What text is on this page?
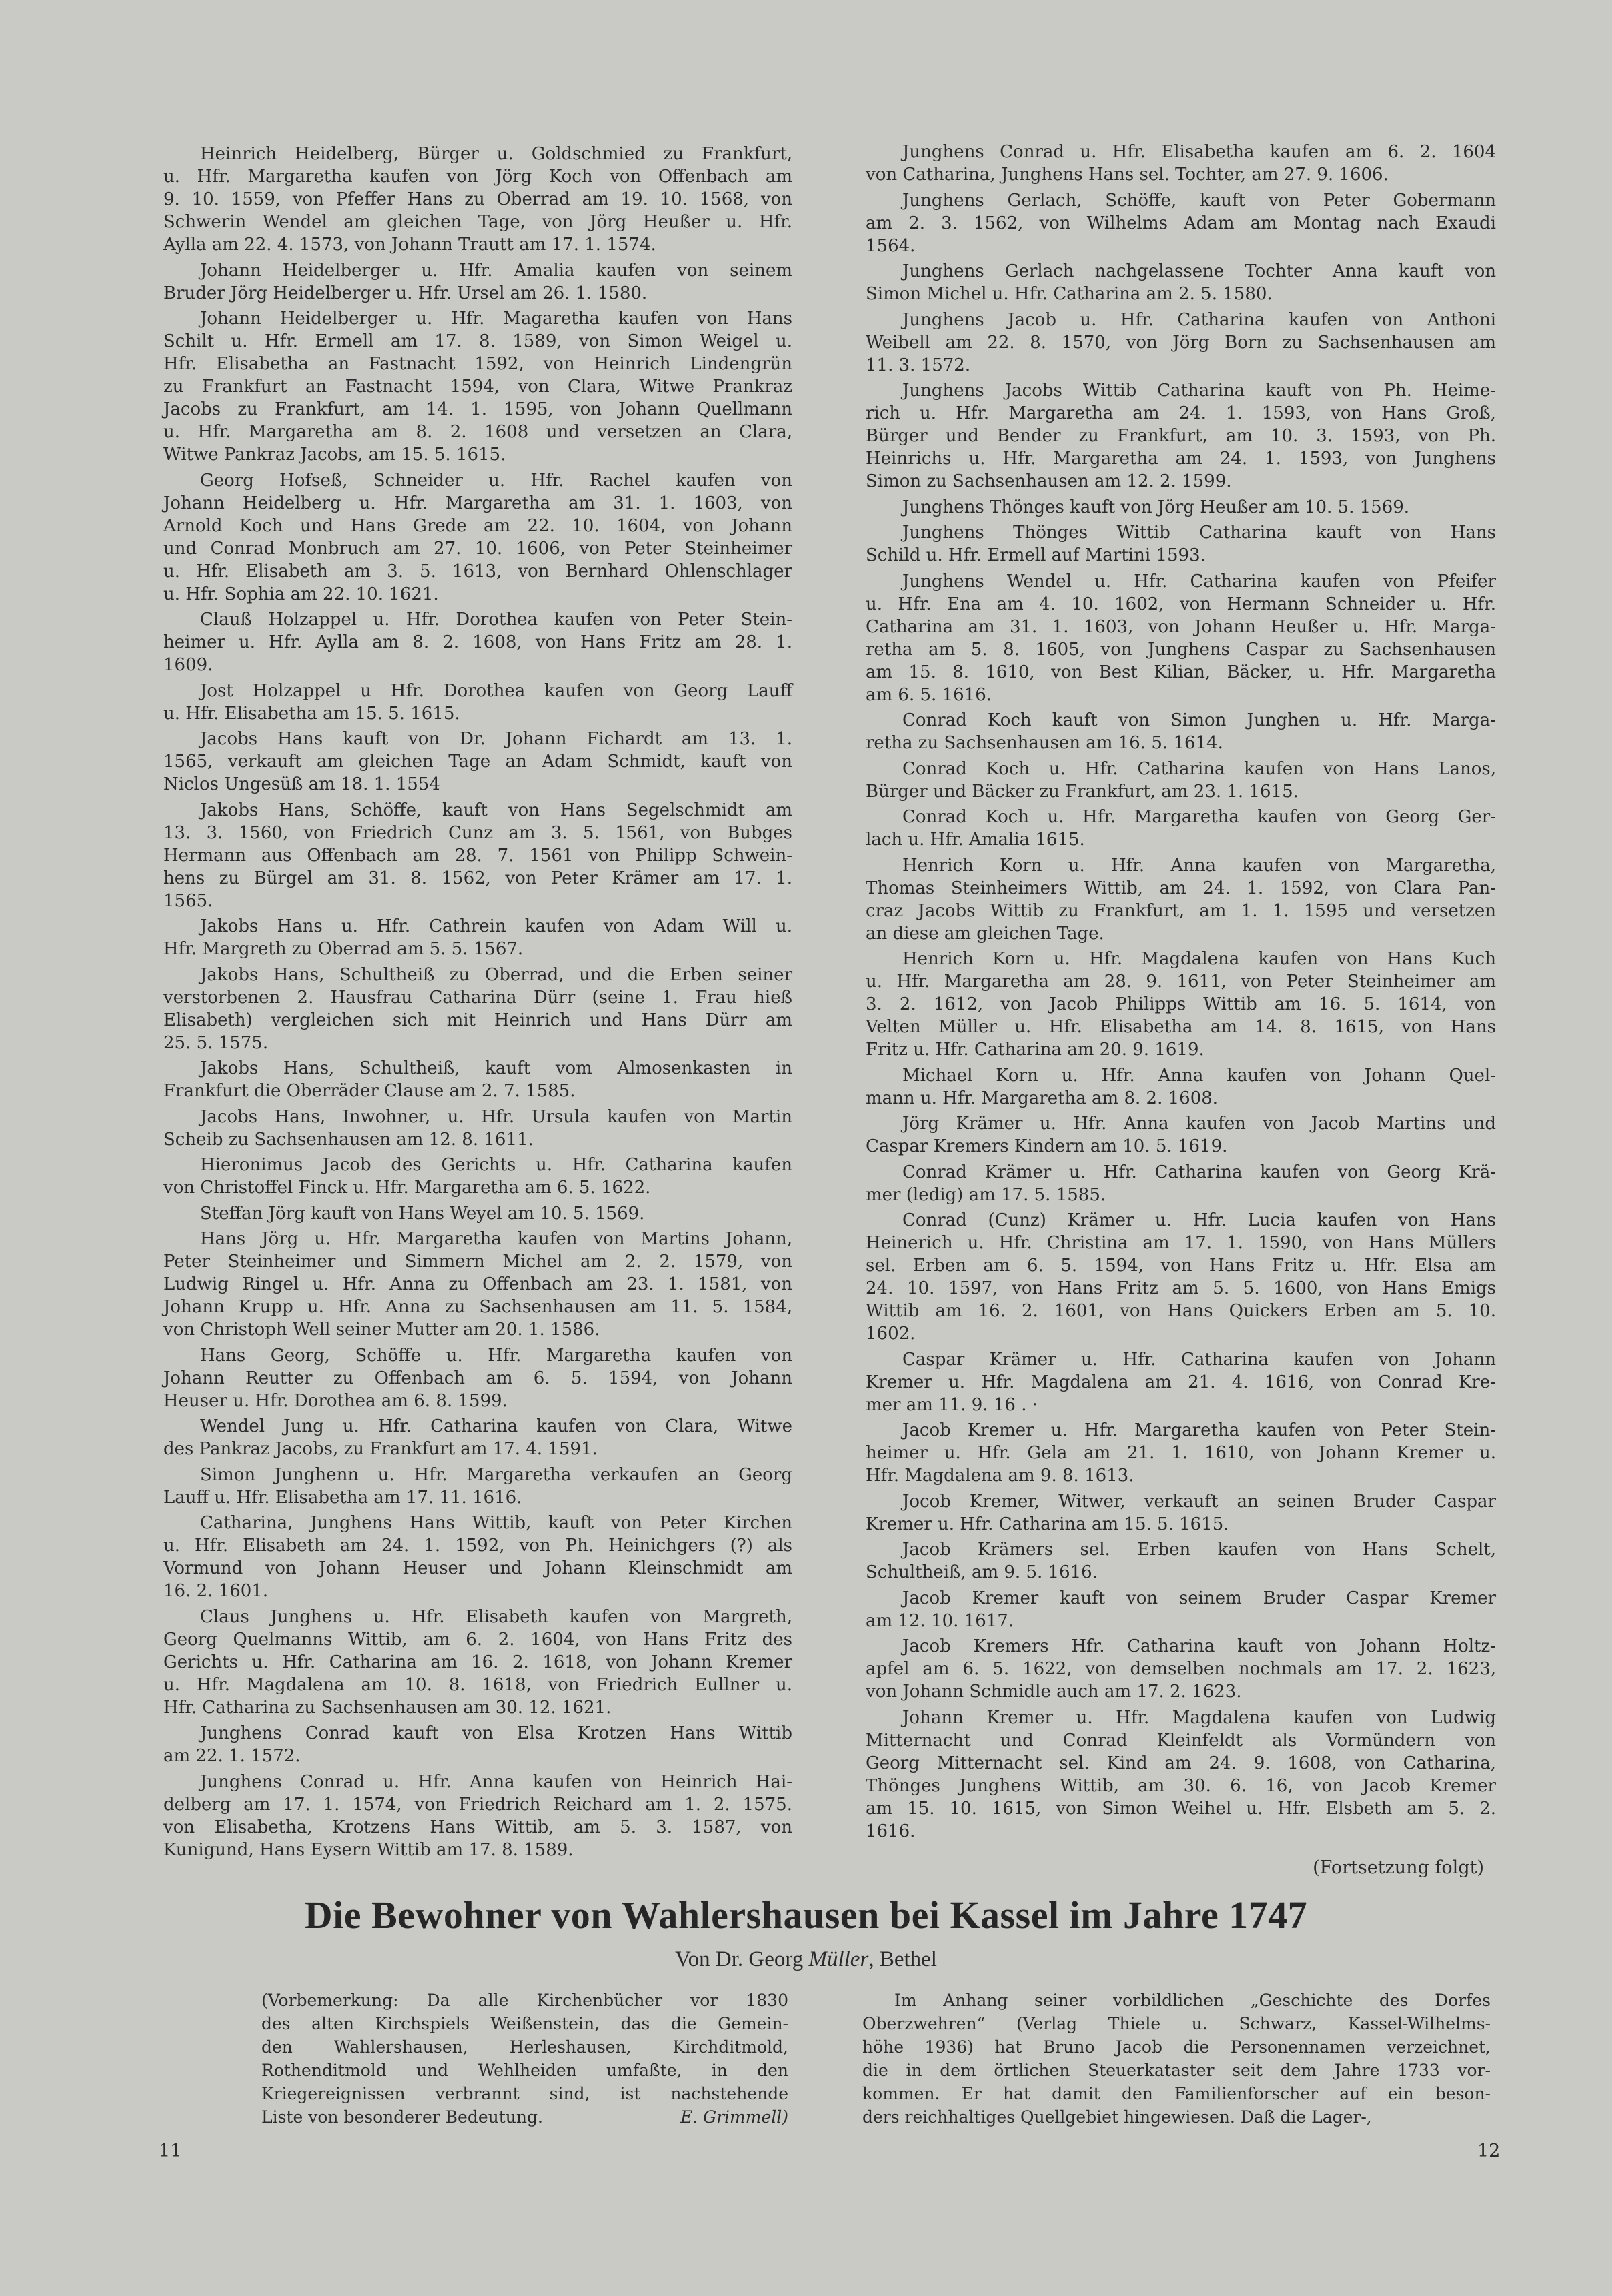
Heinrich Heidelberg, Bürger u. Goldschmied zu Frankfurt,
u. Hfr. Margaretha kaufen von Jörg Koch von Offenbach am
9. 10. 1559, von Pfeffer Hans zu Oberrad am 19. 10. 1568, von
Schwerin Wendel am gleichen Tage, von Jörg Heußer u. Hfr.
Aylla am 22. 4. 1573, von Johann Trautt am 17. 1. 1574.
Johann Heidelberger u. Hfr. Amalia kaufen von seinem
Bruder Jörg Heidelberger u. Hfr. Ursel am 26. 1. 1580.
Johann Heidelberger u. Hfr. Magaretha kaufen von Hans
Schilt u. Hfr. Ermell am 17. 8. 1589, von Simon Weigel u.
Hfr. Elisabetha an Fastnacht 1592, von Heinrich Lindengrün
zu Frankfurt an Fastnacht 1594, von Clara, Witwe Prankraz
Jacobs zu Frankfurt, am 14. 1. 1595, von Johann Quellmann
u. Hfr. Margaretha am 8. 2. 1608 und versetzen an Clara,
Witwe Pankraz Jacobs, am 15. 5. 1615.
Georg Hofseß, Schneider u. Hfr. Rachel kaufen von
Johann Heidelberg u. Hfr. Margaretha am 31. 1. 1603, von
Arnold Koch und Hans Grede am 22. 10. 1604, von Johann
und Conrad Monbruch am 27. 10. 1606, von Peter Steinheimer
u. Hfr. Elisabeth am 3. 5. 1613, von Bernhard Ohlenschlager
u. Hfr. Sophia am 22. 10. 1621.
Clauß Holzappel u. Hfr. Dorothea kaufen von Peter Stein-
heimer u. Hfr. Aylla am 8. 2. 1608, von Hans Fritz am 28. 1.
1609.
Jost Holzappel u Hfr. Dorothea kaufen von Georg Lauff
u. Hfr. Elisabetha am 15. 5. 1615.
Jacobs Hans kauft von Dr. Johann Fichardt am 13. 1.
1565, verkauft am gleichen Tage an Adam Schmidt, kauft von
Niclos Ungesüß am 18. 1. 1554
Jakobs Hans, Schöffe, kauft von Hans Segelschmidt am
13. 3. 1560, von Friedrich Cunz am 3. 5. 1561, von Bubges
Hermann aus Offenbach am 28. 7. 1561 von Philipp Schwein-
hens zu Bürgel am 31. 8. 1562, von Peter Krämer am 17. 1.
1565.
Jakobs Hans u. Hfr. Cathrein kaufen von Adam Will u.
Hfr. Margreth zu Oberrad am 5. 5. 1567.
Jakobs Hans, Schultheiß zu Oberrad, und die Erben seiner
verstorbenen 2. Hausfrau Catharina Dürr (seine 1. Frau hieß
Elisabeth) vergleichen sich mit Heinrich und Hans Dürr am
25. 5. 1575.
Jakobs Hans, Schultheiß, kauft vom Almosenkasten in
Frankfurt die Oberräder Clause am 2. 7. 1585.
Jacobs Hans, Inwohner, u. Hfr. Ursula kaufen von Martin
Scheib zu Sachsenhausen am 12. 8. 1611.
Hieronimus Jacob des Gerichts u. Hfr. Catharina kaufen
von Christoffel Finck u. Hfr. Margaretha am 6. 5. 1622.
Steffan Jörg kauft von Hans Weyel am 10. 5. 1569.
Hans Jörg u. Hfr. Margaretha kaufen von Martins Johann,
Peter Steinheimer und Simmern Michel am 2. 2. 1579, von
Ludwig Ringel u. Hfr. Anna zu Offenbach am 23. 1. 1581, von
Johann Krupp u. Hfr. Anna zu Sachsenhausen am 11. 5. 1584,
von Christoph Well seiner Mutter am 20. 1. 1586.
Hans Georg, Schöffe u. Hfr. Margaretha kaufen von
Johann Reutter zu Offenbach am 6. 5. 1594, von Johann
Heuser u. Hfr. Dorothea am 6. 8. 1599.
Wendel Jung u. Hfr. Catharina kaufen von Clara, Witwe
des Pankraz Jacobs, zu Frankfurt am 17. 4. 1591.
Simon Junghenn u. Hfr. Margaretha verkaufen an Georg
Lauff u. Hfr. Elisabetha am 17. 11. 1616.
Catharina, Junghens Hans Wittib, kauft von Peter Kirchen
u. Hfr. Elisabeth am 24. 1. 1592, von Ph. Heinichgers (?) als
Vormund von Johann Heuser und Johann Kleinschmidt am
16. 2. 1601.
Claus Junghens u. Hfr. Elisabeth kaufen von Margreth,
Georg Quelmanns Wittib, am 6. 2. 1604, von Hans Fritz des
Gerichts u. Hfr. Catharina am 16. 2. 1618, von Johann Kremer
u. Hfr. Magdalena am 10. 8. 1618, von Friedrich Eullner u.
Hfr. Catharina zu Sachsenhausen am 30. 12. 1621.
Junghens Conrad kauft von Elsa Krotzen Hans Wittib
am 22. 1. 1572.
Junghens Conrad u. Hfr. Anna kaufen von Heinrich Hai-
delberg am 17. 1. 1574, von Friedrich Reichard am 1. 2. 1575.
von Elisabetha, Krotzens Hans Wittib, am 5. 3. 1587, von
Kunigund, Hans Eysern Wittib am 17. 8. 1589.
Junghens Conrad u. Hfr. Elisabetha kaufen am 6. 2. 1604
von Catharina, Junghens Hans sel. Tochter, am 27. 9. 1606.
Junghens Gerlach, Schöffe, kauft von Peter Gobermann
am 2. 3. 1562, von Wilhelms Adam am Montag nach Exaudi
1564.
Junghens Gerlach nachgelassene Tochter Anna kauft von
Simon Michel u. Hfr. Catharina am 2. 5. 1580.
Junghens Jacob u. Hfr. Catharina kaufen von Anthoni
Weibell am 22. 8. 1570, von Jörg Born zu Sachsenhausen am
11. 3. 1572.
Junghens Jacobs Wittib Catharina kauft von Ph. Heime-
rich u. Hfr. Margaretha am 24. 1. 1593, von Hans Groß,
Bürger und Bender zu Frankfurt, am 10. 3. 1593, von Ph.
Heinrichs u. Hfr. Margaretha am 24. 1. 1593, von Junghens
Simon zu Sachsenhausen am 12. 2. 1599.
Junghens Thönges kauft von Jörg Heußer am 10. 5. 1569.
Junghens Thönges Wittib Catharina kauft von Hans
Schild u. Hfr. Ermell auf Martini 1593.
Junghens Wendel u. Hfr. Catharina kaufen von Pfeifer
u. Hfr. Ena am 4. 10. 1602, von Hermann Schneider u. Hfr.
Catharina am 31. 1. 1603, von Johann Heußer u. Hfr. Marga-
retha am 5. 8. 1605, von Junghens Caspar zu Sachsenhausen
am 15. 8. 1610, von Best Kilian, Bäcker, u. Hfr. Margaretha
am 6. 5. 1616.
Conrad Koch kauft von Simon Junghen u. Hfr. Marga-
retha zu Sachsenhausen am 16. 5. 1614.
Conrad Koch u. Hfr. Catharina kaufen von Hans Lanos,
Bürger und Bäcker zu Frankfurt, am 23. 1. 1615.
Conrad Koch u. Hfr. Margaretha kaufen von Georg Ger-
lach u. Hfr. Amalia 1615.
Henrich Korn u. Hfr. Anna kaufen von Margaretha,
Thomas Steinheimers Wittib, am 24. 1. 1592, von Clara Pan-
craz Jacobs Wittib zu Frankfurt, am 1. 1. 1595 und versetzen
an diese am gleichen Tage.
Henrich Korn u. Hfr. Magdalena kaufen von Hans Kuch
u. Hfr. Margaretha am 28. 9. 1611, von Peter Steinheimer am
3. 2. 1612, von Jacob Philipps Wittib am 16. 5. 1614, von
Velten Müller u. Hfr. Elisabetha am 14. 8. 1615, von Hans
Fritz u. Hfr. Catharina am 20. 9. 1619.
Michael Korn u. Hfr. Anna kaufen von Johann Quel-
mann u. Hfr. Margaretha am 8. 2. 1608.
Jörg Krämer u. Hfr. Anna kaufen von Jacob Martins und
Caspar Kremers Kindern am 10. 5. 1619.
Conrad Krämer u. Hfr. Catharina kaufen von Georg Krä-
mer (ledig) am 17. 5. 1585.
Conrad (Cunz) Krämer u. Hfr. Lucia kaufen von Hans
Heinerich u. Hfr. Christina am 17. 1. 1590, von Hans Müllers
sel. Erben am 6. 5. 1594, von Hans Fritz u. Hfr. Elsa am
24. 10. 1597, von Hans Fritz am 5. 5. 1600, von Hans Emigs
Wittib am 16. 2. 1601, von Hans Quickers Erben am 5. 10.
1602.
Caspar Krämer u. Hfr. Catharina kaufen von Johann
Kremer u. Hfr. Magdalena am 21. 4. 1616, von Conrad Kre-
mer am 11. 9. 16 . ·
Jacob Kremer u. Hfr. Margaretha kaufen von Peter Stein-
heimer u. Hfr. Gela am 21. 1. 1610, von Johann Kremer u.
Hfr. Magdalena am 9. 8. 1613.
Jocob Kremer, Witwer, verkauft an seinen Bruder Caspar
Kremer u. Hfr. Catharina am 15. 5. 1615.
Jacob Krämers sel. Erben kaufen von Hans Schelt,
Schultheiß, am 9. 5. 1616.
Jacob Kremer kauft von seinem Bruder Caspar Kremer
am 12. 10. 1617.
Jacob Kremers Hfr. Catharina kauft von Johann Holtz-
apfel am 6. 5. 1622, von demselben nochmals am 17. 2. 1623,
von Johann Schmidle auch am 17. 2. 1623.
Johann Kremer u. Hfr. Magdalena kaufen von Ludwig
Mitternacht und Conrad Kleinfeldt als Vormündern von
Georg Mitternacht sel. Kind am 24. 9. 1608, von Catharina,
Thönges Junghens Wittib, am 30. 6. 16, von Jacob Kremer
am 15. 10. 1615, von Simon Weihel u. Hfr. Elsbeth am 5. 2.
1616.
(Fortsetzung folgt)
Die Bewohner von Wahlershausen bei Kassel im Jahre 1747
Von Dr. Georg Müller, Bethel
(Vorbemerkung: Da alle Kirchenbücher vor 1830
des alten Kirchspiels Weißenstein, das die Gemein-
den Wahlershausen, Herleshausen, Kirchditmold,
Rothenditmold und Wehlheiden umfaßte, in den
Kriegereignissen verbrannt sind, ist nachstehende
Liste von besonderer Bedeutung.	E. Grimmell)
Im Anhang seiner vorbildlichen „Geschichte des Dorfes
Oberzwehren“ (Verlag Thiele u. Schwarz, Kassel-Wilhelms-
höhe 1936) hat Bruno Jacob die Personennamen verzeichnet,
die in dem örtlichen Steuerkataster seit dem Jahre 1733 vor-
kommen. Er hat damit den Familienforscher auf ein beson-
ders reichhaltiges Quellgebiet hingewiesen. Daß die Lager-,
11	12
